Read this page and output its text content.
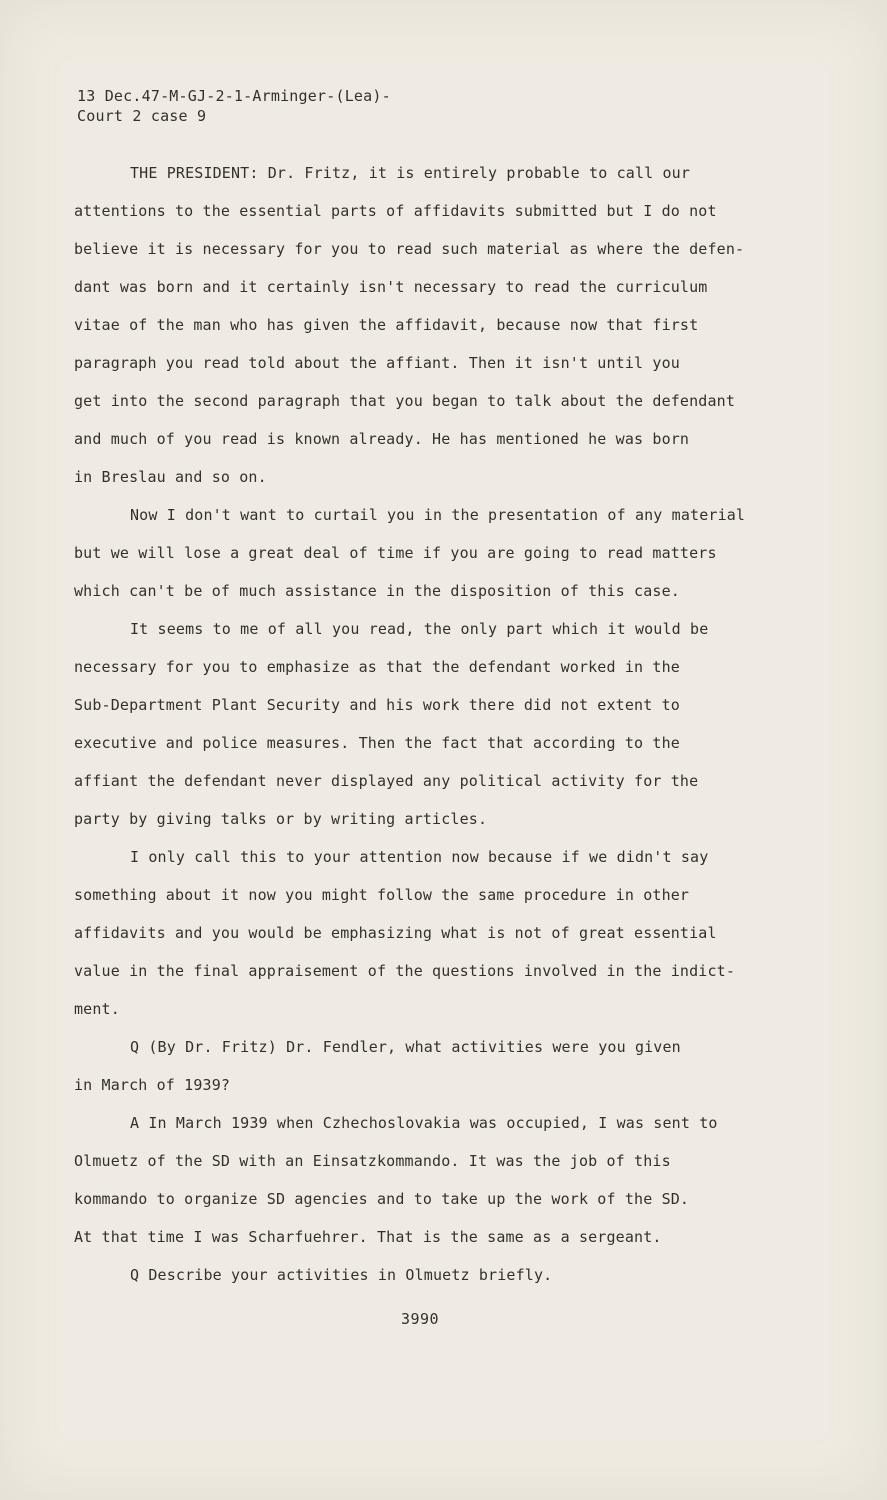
13 Dec.47-M-GJ-2-1-Arminger-(Lea)-
Court 2 case 9
THE PRESIDENT: Dr. Fritz, it is entirely probable to call our
attentions to the essential parts of affidavits submitted but I do not
believe it is necessary for you to read such material as where the defen-
dant was born and it certainly isn't necessary to read the curriculum
vitae of the man who has given the affidavit, because now that first
paragraph you read told about the affiant. Then it isn't until you
get into the second paragraph that you began to talk about the defendant
and much of you read is known already. He has mentioned he was born
in Breslau and so on.
Now I don't want to curtail you in the presentation of any material
but we will lose a great deal of time if you are going to read matters
which can't be of much assistance in the disposition of this case.
It seems to me of all you read, the only part which it would be
necessary for you to emphasize as that the defendant worked in the
Sub-Department Plant Security and his work there did not extent to
executive and police measures. Then the fact that according to the
affiant the defendant never displayed any political activity for the
party by giving talks or by writing articles.
I only call this to your attention now because if we didn't say
something about it now you might follow the same procedure in other
affidavits and you would be emphasizing what is not of great essential
value in the final appraisement of the questions involved in the indict-
ment.
Q (By Dr. Fritz) Dr. Fendler, what activities were you given
in March of 1939?
A In March 1939 when Czhechoslovakia was occupied, I was sent to
Olmuetz of the SD with an Einsatzkommando. It was the job of this
kommando to organize SD agencies and to take up the work of the SD.
At that time I was Scharfuehrer. That is the same as a sergeant.
Q Describe your activities in Olmuetz briefly.
3990
